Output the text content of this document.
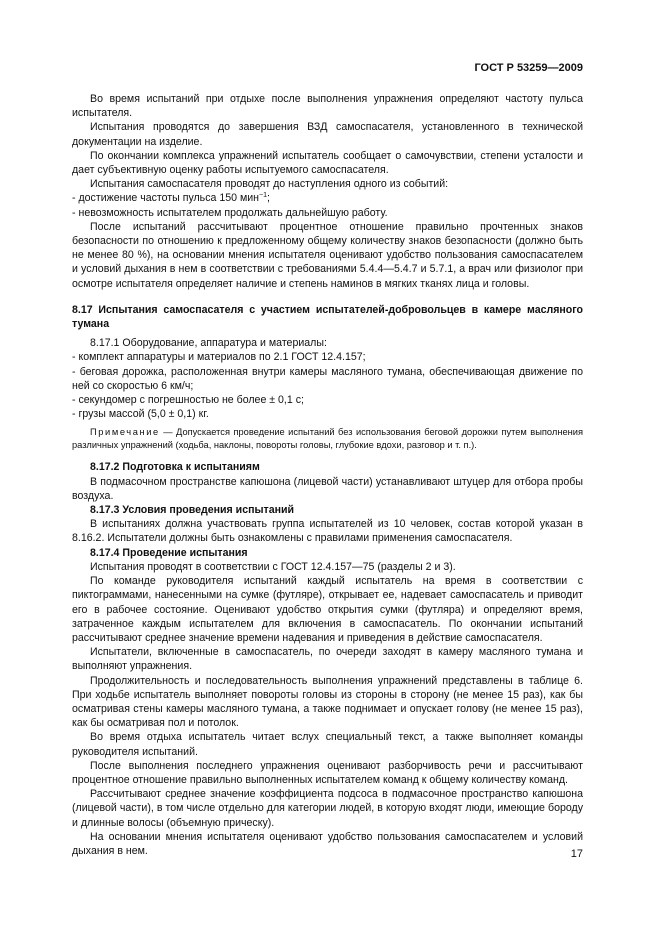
ГОСТ Р 53259—2009

Во время испытаний при отдыхе после выполнения упражнения определяют частоту пульса испытателя.

Испытания проводятся до завершения ВЗД самоспасателя, установленного в технической документации на изделие.

По окончании комплекса упражнений испытатель сообщает о самочувствии, степени усталости и дает субъективную оценку работы испытуемого самоспасателя.

Испытания самоспасателя проводят до наступления одного из событий:

- достижение частоты пульса 150 мин$^{-1}$;

- невозможность испытателем продолжать дальнейшую работу.

После испытаний рассчитывают процентное отношение правильно прочтенных знаков безопасности по отношению к предложенному общему количеству знаков безопасности (должно быть не менее 80 %), на основании мнения испытателя оценивают удобство пользования самоспасателем и условий дыхания в нем в соответствии с требованиями 5.4.4—5.4.7 и 5.7.1, а врач или физиолог при осмотре испытателя определяет наличие и степень наминов в мягких тканях лица и головы.

8.17 Испытания самоспасателя с участием испытателей-добровольцев в камере масляного тумана

8.17.1 Оборудование, аппаратура и материалы:

- комплект аппаратуры и материалов по 2.1 ГОСТ 12.4.157;

- беговая дорожка, расположенная внутри камеры масляного тумана, обеспечивающая движение по ней со скоростью 6 км/ч;

- секундомер с погрешностью не более ± 0,1 с;

- грузы массой (5,0 ± 0,1) кг.

Примечание — Допускается проведение испытаний без использования беговой дорожки путем выполнения различных упражнений (ходьба, наклоны, повороты головы, глубокие вдохи, разговор и т. п.).

8.17.2 Подготовка к испытаниям

В подмасочном пространстве капюшона (лицевой части) устанавливают штуцер для отбора пробы воздуха.

8.17.3 Условия проведения испытаний

В испытаниях должна участвовать группа испытателей из 10 человек, состав которой указан в 8.16.2. Испытатели должны быть ознакомлены с правилами применения самоспасателя.

8.17.4 Проведение испытания

Испытания проводят в соответствии с ГОСТ 12.4.157—75 (разделы 2 и 3).

По команде руководителя испытаний каждый испытатель на время в соответствии с пиктограммами, нанесенными на сумке (футляре), открывает ее, надевает самоспасатель и приводит его в рабочее состояние. Оценивают удобство открытия сумки (футляра) и определяют время, затраченное каждым испытателем для включения в самоспасатель. По окончании испытаний рассчитывают среднее значение времени надевания и приведения в действие самоспасателя.

Испытатели, включенные в самоспасатель, по очереди заходят в камеру масляного тумана и выполняют упражнения.

Продолжительность и последовательность выполнения упражнений представлены в таблице 6. При ходьбе испытатель выполняет повороты головы из стороны в сторону (не менее 15 раз), как бы осматривая стены камеры масляного тумана, а также поднимает и опускает голову (не менее 15 раз), как бы осматривая пол и потолок.

Во время отдыха испытатель читает вслух специальный текст, а также выполняет команды руководителя испытаний.

После выполнения последнего упражнения оценивают разборчивость речи и рассчитывают процентное отношение правильно выполненных испытателем команд к общему количеству команд.

Рассчитывают среднее значение коэффициента подсоса в подмасочное пространство капюшона (лицевой части), в том числе отдельно для категории людей, в которую входят люди, имеющие бороду и длинные волосы (объемную прическу).

На основании мнения испытателя оценивают удобство пользования самоспасателем и условий дыхания в нем.	17
